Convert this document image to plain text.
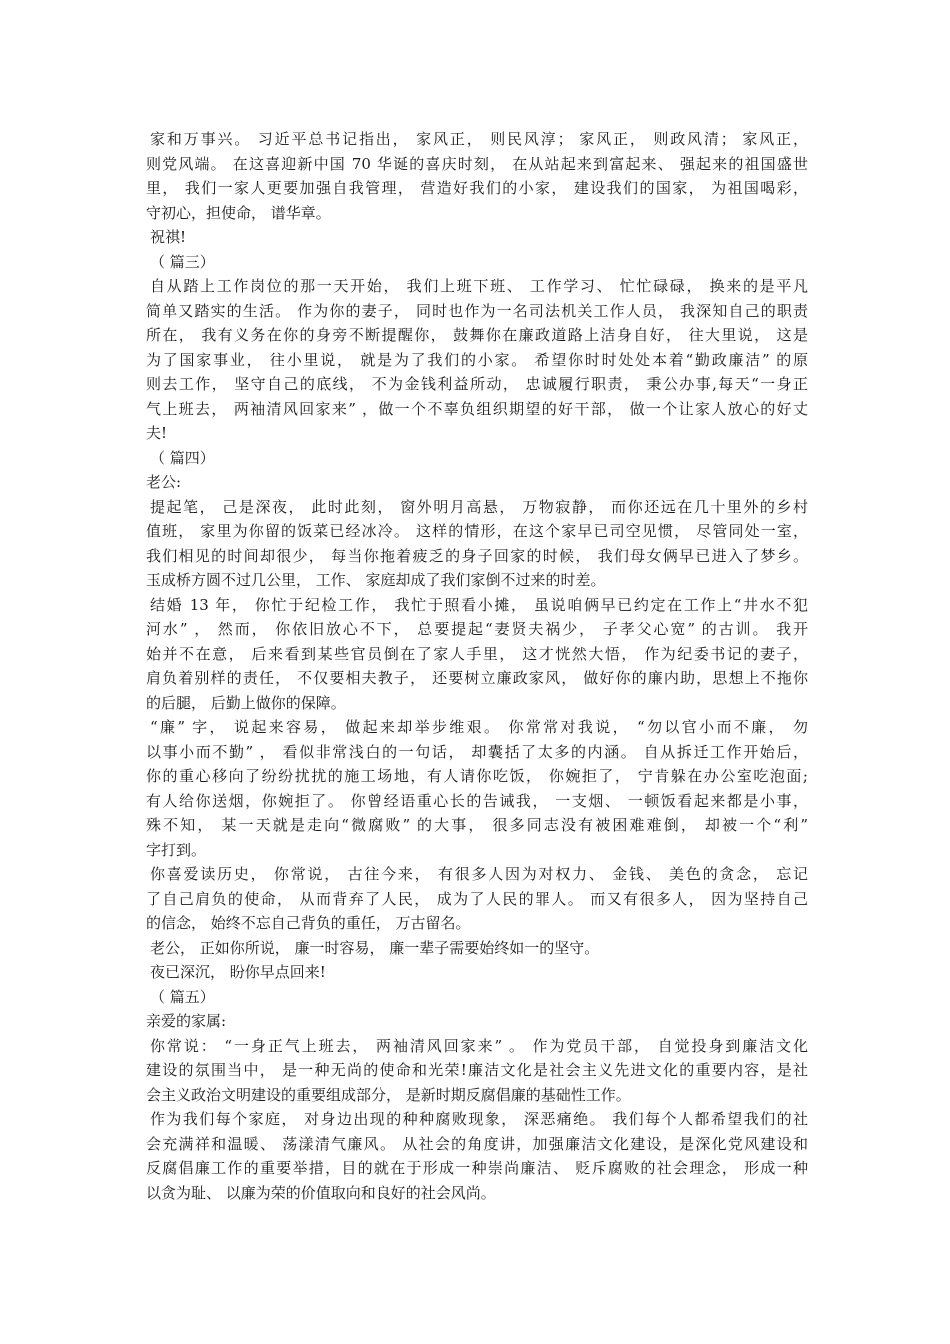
家和万事兴。 习近平总书记指出， 家风正， 则民风淳； 家风正， 则政风清； 家风正，
则党风端。 在这喜迎新中国 70 华诞的喜庆时刻， 在从站起来到富起来、 强起来的祖国盛世
里， 我们一家人更要加强自我管理， 营造好我们的小家， 建设我们的国家， 为祖国喝彩，
守初心，担使命， 谱华章。
祝祺!
（ 篇三）
自从踏上工作岗位的那一天开始， 我们上班下班、 工作学习、 忙忙碌碌， 换来的是平凡
简单又踏实的生活。 作为你的妻子， 同时也作为一名司法机关工作人员， 我深知自己的职责
所在， 我有义务在你的身旁不断提醒你， 鼓舞你在廉政道路上洁身自好， 往大里说， 这是
为了国家事业， 往小里说， 就是为了我们的小家。 希望你时时处处本着“勤政廉洁” 的原
则去工作， 坚守自己的底线， 不为金钱利益所动， 忠诚履行职责， 秉公办事,每天“一身正
气上班去， 两袖清风回家来” ，做一个不辜负组织期望的好干部， 做一个让家人放心的好丈
夫!
（ 篇四）
老公:
提起笔， 己是深夜， 此时此刻， 窗外明月高悬， 万物寂静， 而你还远在几十里外的乡村
值班， 家里为你留的饭菜已经冰冷。 这样的情形，在这个家早已司空见惯， 尽管同处一室，
我们相见的时间却很少， 每当你拖着疲乏的身子回家的时候， 我们母女俩早已进入了梦乡。
玉成桥方圆不过几公里， 工作、 家庭却成了我们家倒不过来的时差。
结婚 13 年， 你忙于纪检工作， 我忙于照看小摊， 虽说咱俩早已约定在工作上“井水不犯
河水” ， 然而， 你依旧放心不下， 总要提起“妻贤夫祸少， 子孝父心宽” 的古训。 我开
始并不在意， 后来看到某些官员倒在了家人手里， 这才恍然大悟， 作为纪委书记的妻子，
肩负着别样的责任， 不仅要相夫教子， 还要树立廉政家风， 做好你的廉内助，思想上不拖你
的后腿， 后勤上做你的保障。
“廉” 字， 说起来容易， 做起来却举步维艰。 你常常对我说， “勿以官小而不廉， 勿
以事小而不勤” ， 看似非常浅白的一句话， 却囊括了太多的内涵。 自从拆迁工作开始后，
你的重心移向了纷纷扰扰的施工场地，有人请你吃饭， 你婉拒了， 宁肯躲在办公室吃泡面;
有人给你送烟，你婉拒了。 你曾经语重心长的告诫我， 一支烟、 一顿饭看起来都是小事，
殊不知， 某一天就是走向“微腐败” 的大事， 很多同志没有被困难难倒， 却被一个“利”
字打到。
你喜爱读历史， 你常说， 古往今来， 有很多人因为对权力、 金钱、 美色的贪念， 忘记
了自己肩负的使命， 从而背弃了人民， 成为了人民的罪人。 而又有很多人， 因为坚持自己
的信念， 始终不忘自己背负的重任， 万古留名。
老公， 正如你所说， 廉一时容易， 廉一辈子需要始终如一的坚守。
夜已深沉， 盼你早点回来!
（ 篇五）
亲爱的家属:
你常说： “一身正气上班去， 两袖清风回家来” 。 作为党员干部， 自觉投身到廉洁文化
建设的氛围当中， 是一种无尚的使命和光荣!廉洁文化是社会主义先进文化的重要内容，是社
会主义政治文明建设的重要组成部分， 是新时期反腐倡廉的基础性工作。
作为我们每个家庭， 对身边出现的种种腐败现象， 深恶痛绝。 我们每个人都希望我们的社
会充满祥和温暖、 荡漾清气廉风。 从社会的角度讲，加强廉洁文化建设，是深化党风建设和
反腐倡廉工作的重要举措，目的就在于形成一种崇尚廉洁、 贬斥腐败的社会理念， 形成一种
以贪为耻、 以廉为荣的价值取向和良好的社会风尚。
